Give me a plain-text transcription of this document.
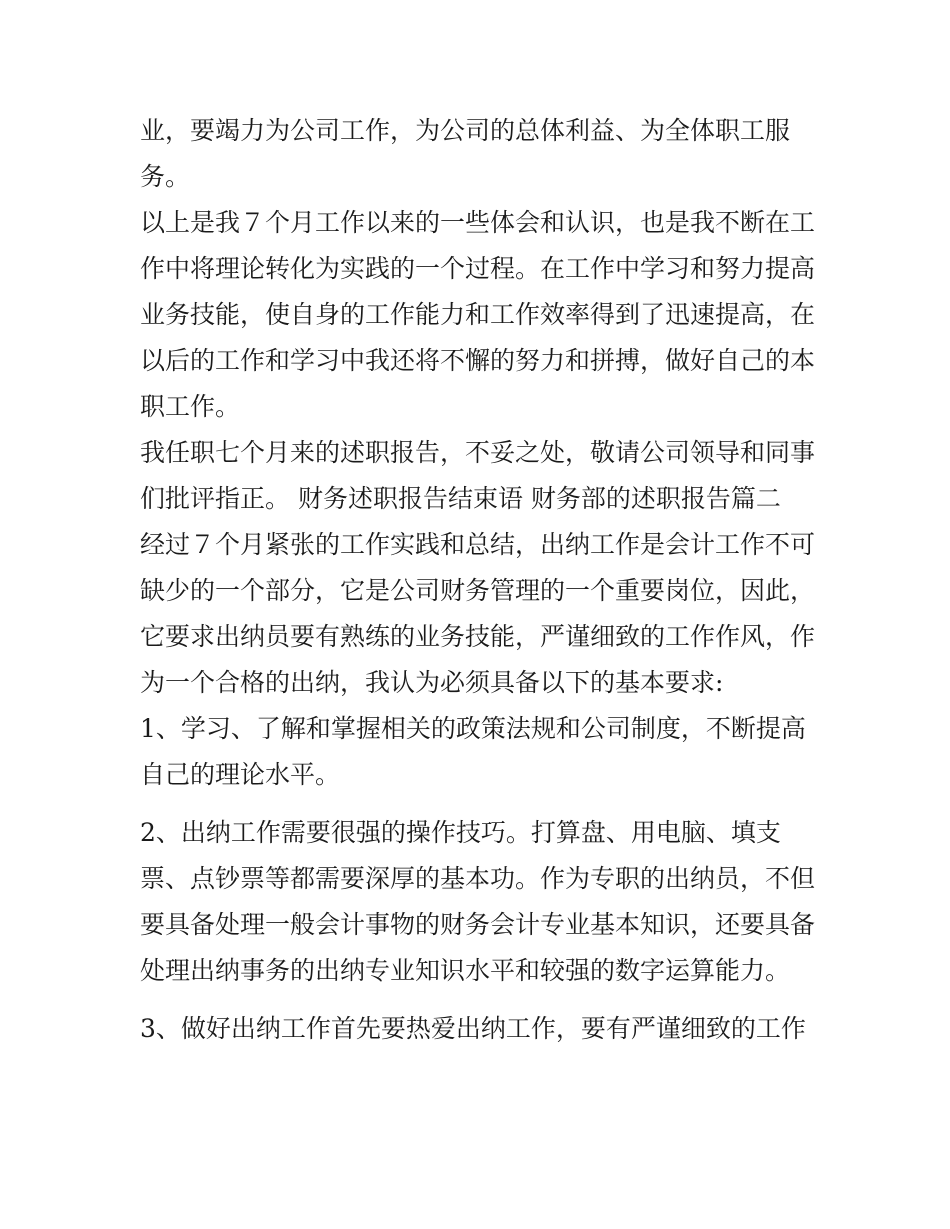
业，要竭力为公司工作，为公司的总体利益、为全体职工服
务。
以上是我７个月工作以来的一些体会和认识，也是我不断在工
作中将理论转化为实践的一个过程。在工作中学习和努力提高
业务技能，使自身的工作能力和工作效率得到了迅速提高，在
以后的工作和学习中我还将不懈的努力和拼搏，做好自己的本
职工作。
我任职七个月来的述职报告，不妥之处，敬请公司领导和同事
们批评指正。 财务述职报告结束语 财务部的述职报告篇二
经过７个月紧张的工作实践和总结，出纳工作是会计工作不可
缺少的一个部分，它是公司财务管理的一个重要岗位，因此，
它要求出纳员要有熟练的业务技能，严谨细致的工作作风，作
为一个合格的出纳，我认为必须具备以下的基本要求:
1、学习、了解和掌握相关的政策法规和公司制度，不断提高
自己的理论水平。
2、出纳工作需要很强的操作技巧。打算盘、用电脑、填支
票、点钞票等都需要深厚的基本功。作为专职的出纳员，不但
要具备处理一般会计事物的财务会计专业基本知识，还要具备
处理出纳事务的出纳专业知识水平和较强的数字运算能力。
3、做好出纳工作首先要热爱出纳工作，要有严谨细致的工作
